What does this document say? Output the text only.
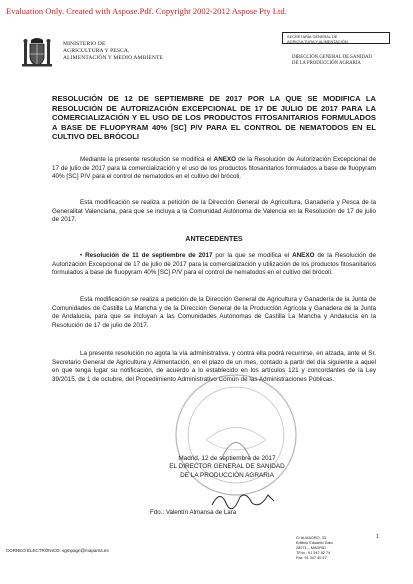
Evaluation Only. Created with Aspose.Pdf. Copyright 2002-2012 Aspose Pty Ltd.
MINISTERIO DE
AGRICULTURA Y PESCA,
ALIMENTACIÓN Y MEDIO AMBIENTE
SECRETARÍA GENERAL DE
AGRICULTURA Y ALIMENTACIÓN
DIRECCIÓN GENERAL DE SANIDAD
DE LA PRODUCCIÓN AGRARIA
RESOLUCIÓN DE 12 DE SEPTIEMBRE DE 2017 POR LA QUE SE MODIFICA LA RESOLUCIÓN DE AUTORIZACIÓN EXCEPCIONAL DE 17 DE JULIO DE 2017 PARA LA COMERCIALIZACIÓN Y EL USO DE LOS PRODUCTOS FITOSANITARIOS FORMULADOS A BASE DE FLUOPYRAM 40% [SC] P/V PARA EL CONTROL DE NEMATODOS EN EL CULTIVO DEL BRÓCOLI
Mediante la presente resolución se modifica el ANEXO de la Resolución de Autorización Excepcional de 17 de julio de 2017 para la comercialización y el uso de los productos fitosanitarios formulados a base de fluopyram 40% [SC] P/V para el control de nematodos en el cultivo del brócoli.
Esta modificación se realiza a petición de la Dirección General de Agricultura, Ganadería y Pesca de la Generalitat Valenciana, para que se incluya a la Comunidad Autónoma de Valencia en la Resolución de 17 de julio de 2017.
ANTECEDENTES
• Resolución de 11 de septiembre de 2017 por la que se modifica el ANEXO de la Resolución de Autorización Excepcional de 17 de julio de 2017 para la comercialización y utilización de los productos fitosanitarios formulados a base de fluopyram 40% [SC] P/V para el control de nematodos en el cultivo del brócoli.
Esta modificación se realiza a petición de la Dirección General de Agricultura y Ganadería de la Junta de Comunidades de Castilla La Mancha y de la Dirección General de la Producción Agrícola y Ganadera de la Junta de Andalucía, para que se incluyan a las Comunidades Autónomas de Castilla La Mancha y Andalucía en la Resolución de 17 de julio de 2017.
La presente resolución no agota la vía administrativa, y contra ella podrá recurrirse, en alzada, ante el Sr. Secretario General de Agricultura y Alimentación, en el plazo de un mes, contado a partir del día siguiente a aquel en que tenga lugar su notificación, de acuerdo a lo establecido en los artículos 121 y concordantes de la Ley 39/2015, de 1 de octubre, del Procedimiento Administrativo Común de las Administraciones Públicas.
Madrid, 12 de septiembre de 2017
EL DIRECTOR GENERAL DE SANIDAD
DE LA PRODUCCIÓN AGRARIA
Fdo.: Valentín Almansa de Lara
CORREO ELECTRÓNICO: sgmpagri@mapama.es
C/ ALMAGRO, 33
Edificio Eduardo Dato
28071 – MADRID
TFno.: 91 347 82 74
Fax: 91 347 40 67
1
